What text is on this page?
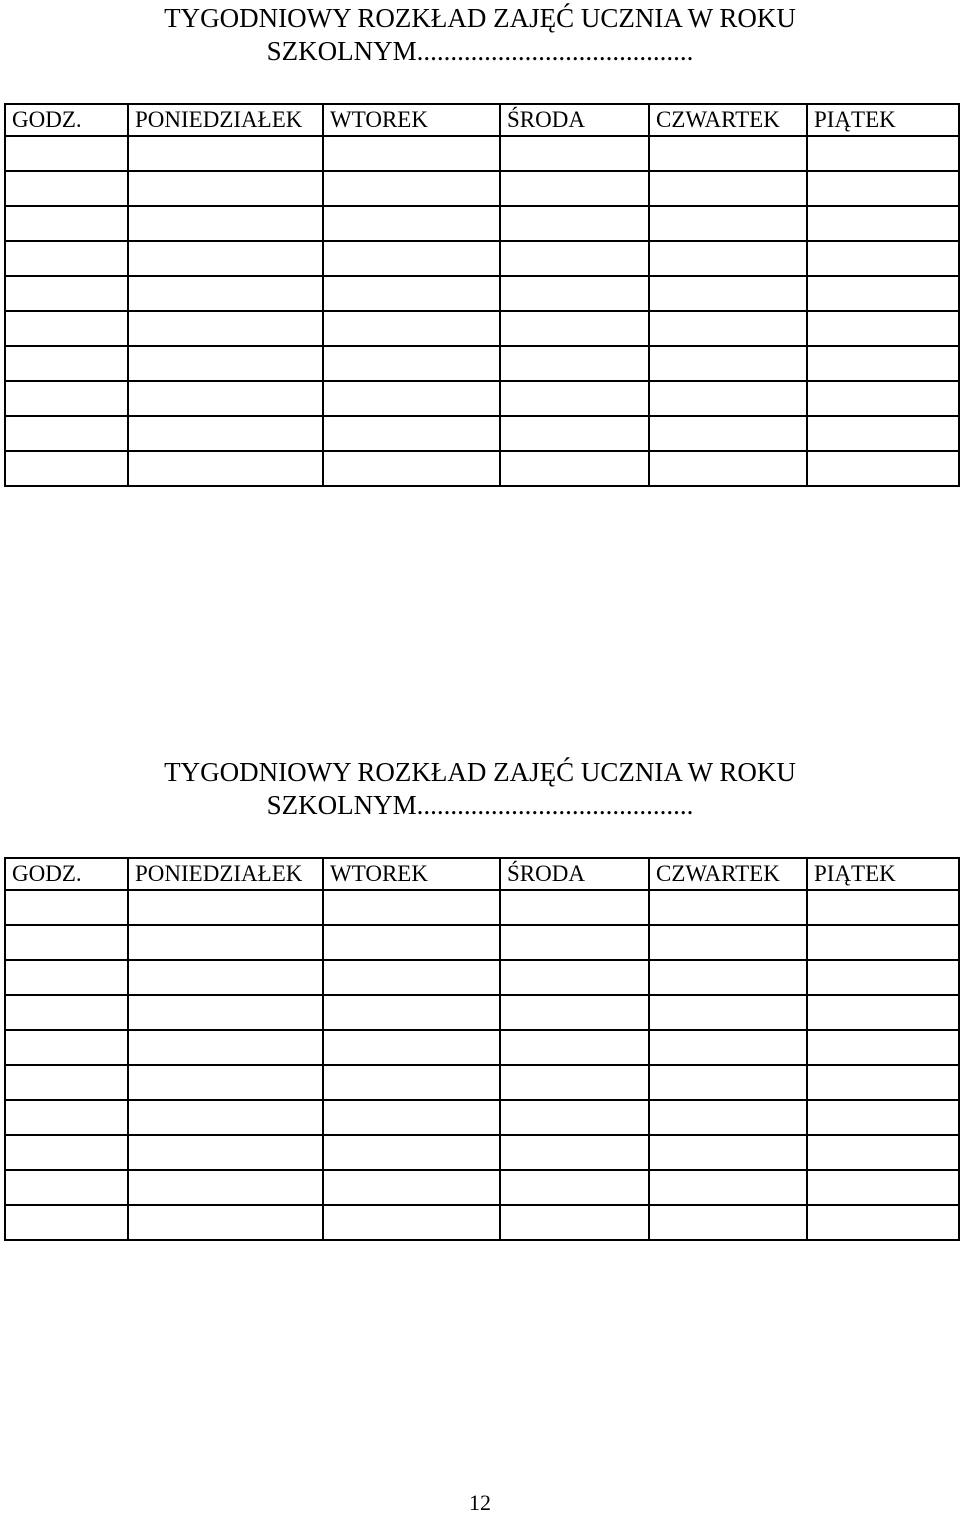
TYGODNIOWY ROZKŁAD ZAJĘĆ UCZNIA W ROKU
SZKOLNYM.........................................
GODZ.	PONIEDZIAŁEK	WTOREK	ŚRODA	CZWARTEK	PIĄTEK

TYGODNIOWY ROZKŁAD ZAJĘĆ UCZNIA W ROKU
SZKOLNYM.........................................
GODZ.	PONIEDZIAŁEK	WTOREK	ŚRODA	CZWARTEK	PIĄTEK

12
